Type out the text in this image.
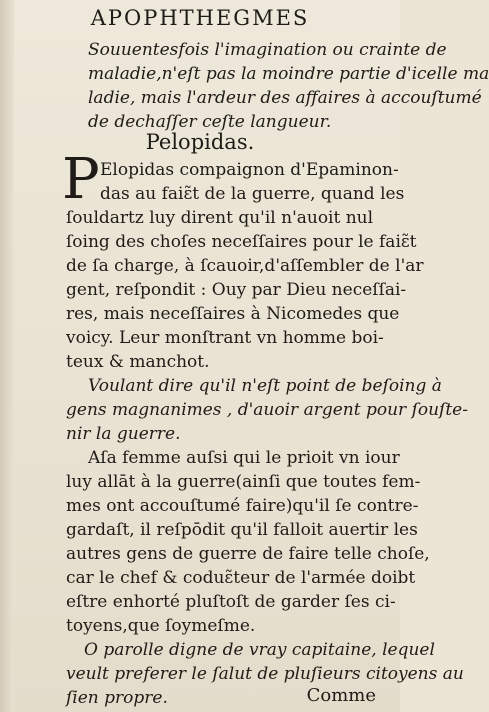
APOPHTHEGMES
Souuentesfois l'imagination ou crainte de
maladie,n'eſt pas la moindre partie d'icelle ma
ladie, mais l'ardeur des affaires à accouſtumé
de dechaſſer ceſte langueur.
Pelopidas.
P Elopidas compaignon d'Epaminon-
das au faiɛ̃t de la guerre, quand les
ſouldartz luy dirent qu'il n'auoit nul
ſoing des choſes neceſſaires pour le faiɛ̃t
de ſa charge, à ſcauoir,d'aſſembler de l'ar
gent, reſpondit : Ouy par Dieu neceſſai-
res, mais neceſſaires à Nicomedes que
voicy. Leur monſtrant vn homme boi-
teux & manchot.
Voulant dire qu'il n'eſt point de beſoing à
gens magnanimes , d'auoir argent pour ſouſte-
nir la guerre.
Aſa femme auſsi qui le prioit vn iour
luy allāt à la guerre(ainſi que toutes fem-
mes ont accouſtumé faire)qu'il ſe contre-
gardaſt, il reſpōdit qu'il falloit auertir les
autres gens de guerre de faire telle choſe,
car le chef & coduɛ̃teur de l'armée doibt
eſtre enhorté pluſtoſt de garder ſes ci-
toyens,que ſoymeſme.
O parolle digne de vray capitaine, lequel
veult preferer le ſalut de pluſieurs citoyens au
ſien propre.	Comme
